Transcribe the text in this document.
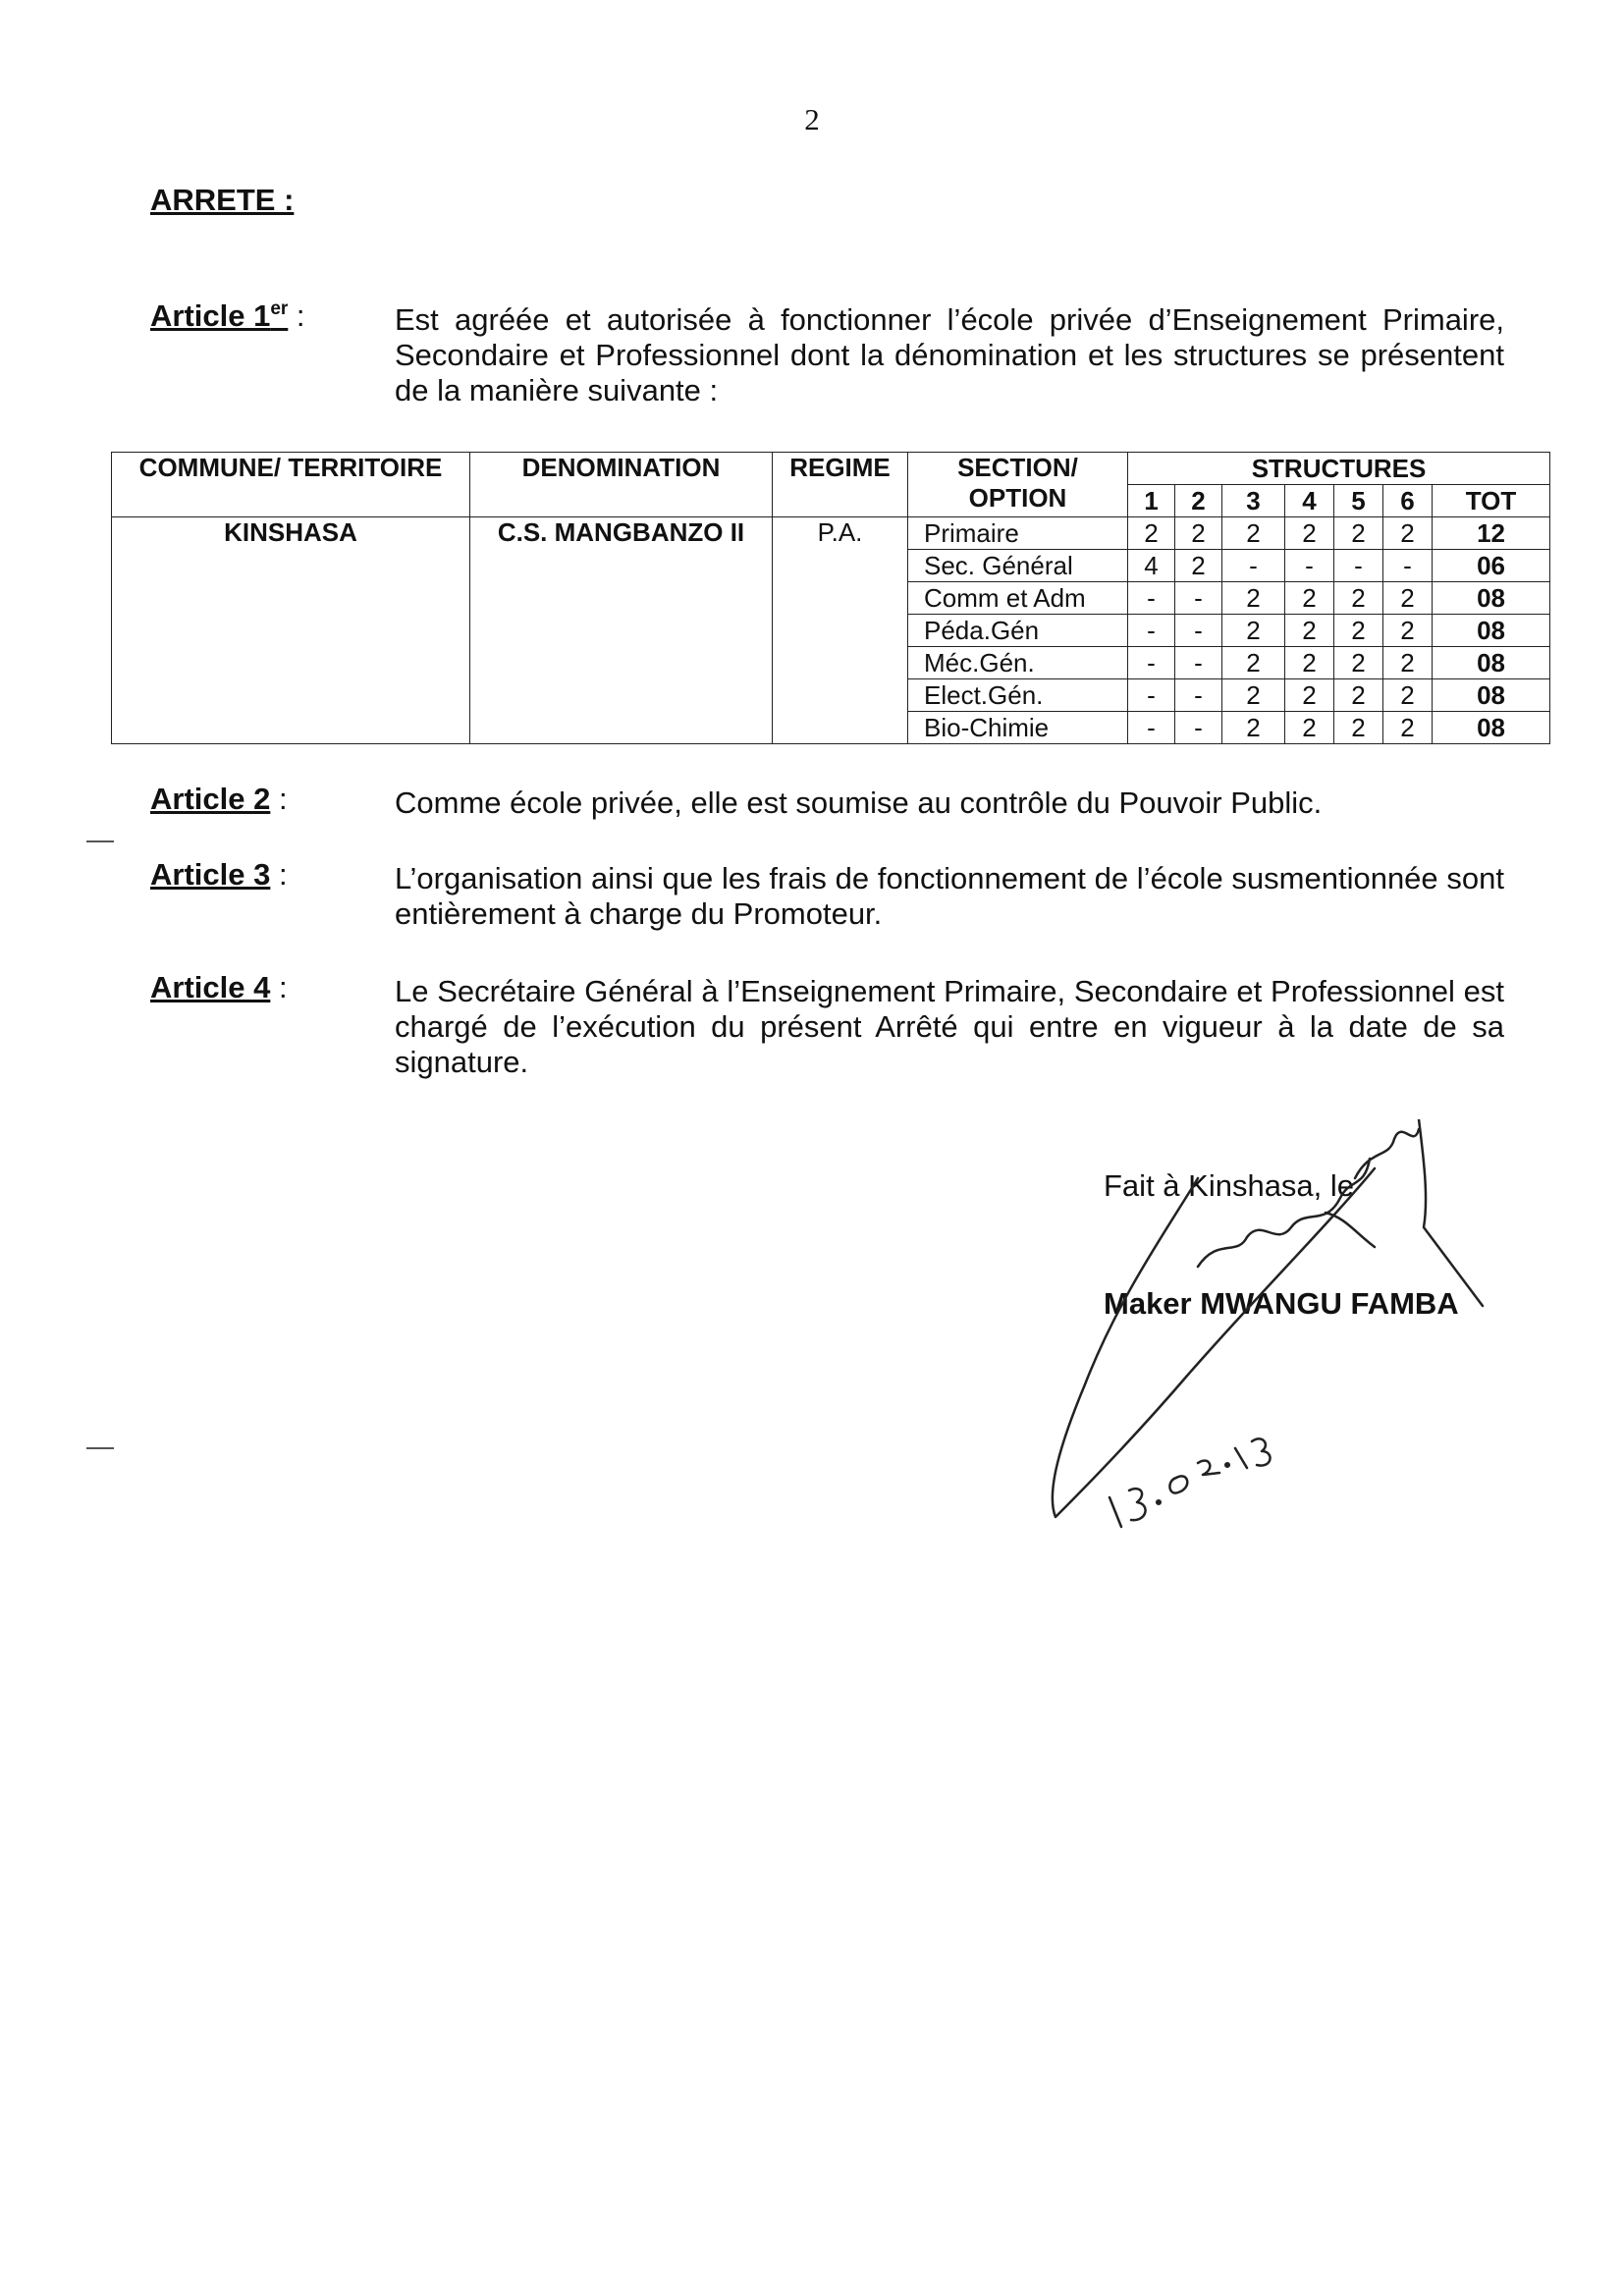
2
ARRETE :
Article 1er :	Est agréée et autorisée à fonctionner l’école privée d’Enseignement Primaire, Secondaire et Professionnel dont la dénomination et les structures se présentent de la manière suivante :
COMMUNE/ TERRITOIRE	DENOMINATION	REGIME	SECTION/
OPTION	STRUCTURES						
				1	2	3	4	5	6	TOT
KINSHASA	C.S. MANGBANZO II	P.A.	Primaire	2	2	2	2	2	2	12
			Sec. Général	4	2	-	-	-	-	06
			Comm et Adm	-	-	2	2	2	2	08
			Péda.Gén	-	-	2	2	2	2	08
			Méc.Gén.	-	-	2	2	2	2	08
			Elect.Gén.	-	-	2	2	2	2	08
			Bio-Chimie	-	-	2	2	2	2	08
Article 2 :	Comme école privée, elle est soumise au contrôle du Pouvoir Public.
Article 3 :	L’organisation ainsi que les frais de fonctionnement de l’école susmentionnée sont entièrement à charge du Promoteur.
Article 4 :	Le Secrétaire Général à l’Enseignement Primaire, Secondaire et Professionnel est chargé de l’exécution du présent Arrêté qui entre en vigueur à la date de sa signature.
Fait à Kinshasa, le
Maker MWANGU FAMBA
